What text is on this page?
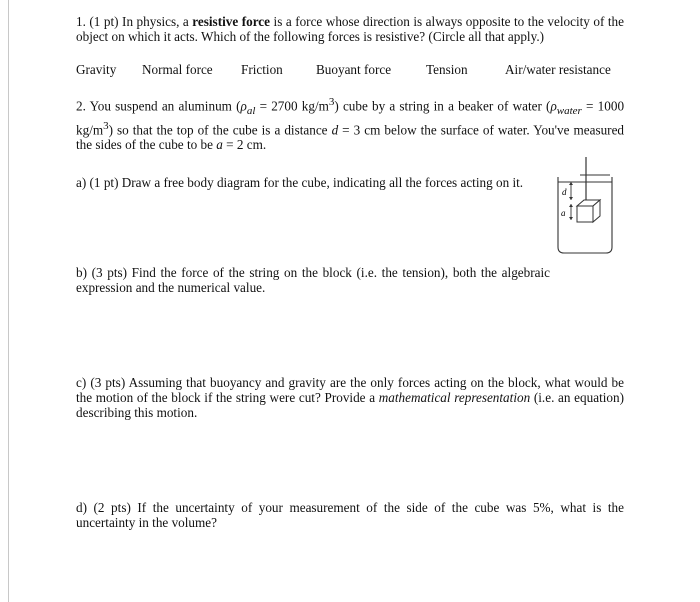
1. (1 pt) In physics, a resistive force is a force whose direction is always opposite to the velocity of the object on which it acts. Which of the following forces is resistive? (Circle all that apply.)

Gravity Normal force Friction	Buoyant force	Tension	Air/water resistance

2. You suspend an aluminum ($\rho_{al} = 2700$ $kg/m^3$) cube by a string in a beaker of water ($\rho_{water} = 1000$ $kg/m^3$) so that the top of the cube is a distance d = 3 cm below the surface of water. You've measured the sides of the cube to be a = 2 cm.

a) (1 pt) Draw a free body diagram for the cube, indicating all the forces acting on it.

d
a

b) (3 pts) Find the force of the string on the block (i.e. the tension), both the algebraic expression and the numerical value.

c) (3 pts) Assuming that buoyancy and gravity are the only forces acting on the block, what would be the motion of the block if the string were cut? Provide a mathematical representation (i.e. an equation) describing this motion.

d) (2 pts) If the uncertainty of your measurement of the side of the cube was 5%, what is the uncertainty in the volume?
